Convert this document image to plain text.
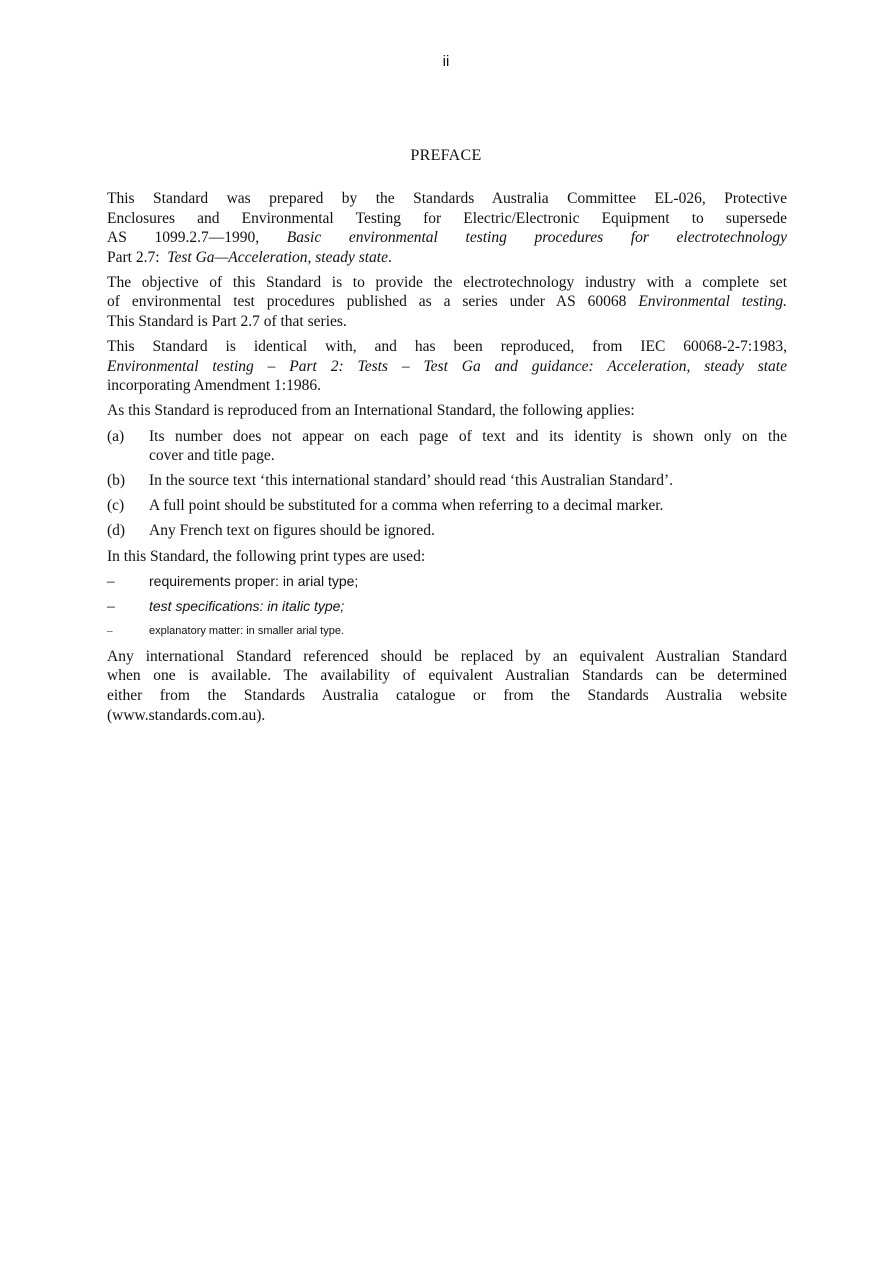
ii
PREFACE

This Standard was prepared by the Standards Australia Committee EL-026, Protective
Enclosures and Environmental Testing for Electric/Electronic Equipment to supersede
AS 1099.2.7—1990, Basic environmental testing procedures for electrotechnology
Part 2.7: Test Ga—Acceleration, steady state.

The objective of this Standard is to provide the electrotechnology industry with a complete set
of environmental test procedures published as a series under AS 60068 Environmental testing.
This Standard is Part 2.7 of that series.

This Standard is identical with, and has been reproduced, from IEC 60068-2-7:1983,
Environmental testing – Part 2: Tests – Test Ga and guidance: Acceleration, steady state
incorporating Amendment 1:1986.

As this Standard is reproduced from an International Standard, the following applies:

(a)	Its number does not appear on each page of text and its identity is shown only on the
cover and title page.
(b)	In the source text ‘this international standard’ should read ‘this Australian Standard’.
(c)	A full point should be substituted for a comma when referring to a decimal marker.
(d)	Any French text on figures should be ignored.

In this Standard, the following print types are used:

–	requirements proper: in arial type;
–	test specifications: in italic type;
–	explanatory matter: in smaller arial type.

Any international Standard referenced should be replaced by an equivalent Australian Standard
when one is available. The availability of equivalent Australian Standards can be determined
either from the Standards Australia catalogue or from the Standards Australia website
(www.standards.com.au).
